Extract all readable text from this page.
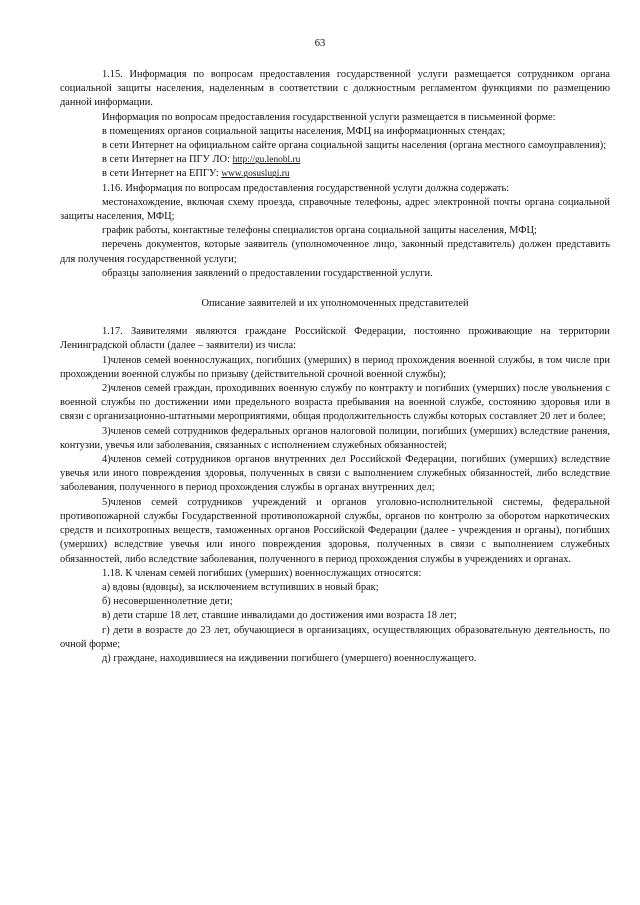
63

1.15. Информация по вопросам предоставления государственной услуги размещается сотрудником органа социальной защиты населения, наделенным в соответствии с должностным регламентом функциями по размещению данной информации.

Информация по вопросам предоставления государственной услуги размещается в письменной форме:

в помещениях органов социальной защиты населения, МФЦ на информационных стендах;

в сети Интернет на официальном сайте органа социальной защиты населения (органа местного самоуправления);

в сети Интернет на ПГУ ЛО: http://gu.lenobl.ru

в сети Интернет на ЕПГУ: www.gosuslugi.ru

1.16. Информация по вопросам предоставления государственной услуги должна содержать:

местонахождение, включая схему проезда, справочные телефоны, адрес электронной почты органа социальной защиты населения, МФЦ;

график работы, контактные телефоны специалистов органа социальной защиты населения, МФЦ;

перечень документов, которые заявитель (уполномоченное лицо, законный представитель) должен представить для получения государственной услуги;

образцы заполнения заявлений о предоставлении государственной услуги.

Описание заявителей и их уполномоченных представителей

1.17. Заявителями являются граждане Российской Федерации, постоянно проживающие на территории Ленинградской области (далее – заявители) из числа:

1)членов семей военнослужащих, погибших (умерших) в период прохождения военной службы, в том числе при прохождении военной службы по призыву (действительной срочной военной службы);

2)членов семей граждан, проходивших военную службу по контракту и погибших (умерших) после увольнения с военной службы по достижении ими предельного возраста пребывания на военной службе, состоянию здоровья или в связи с организационно-штатными мероприятиями, общая продолжительность службы которых составляет 20 лет и более;

3)членов семей сотрудников федеральных органов налоговой полиции, погибших (умерших) вследствие ранения, контузии, увечья или заболевания, связанных с исполнением служебных обязанностей;

4)членов семей сотрудников органов внутренних дел Российской Федерации, погибших (умерших) вследствие увечья или иного повреждения здоровья, полученных в связи с выполнением служебных обязанностей, либо вследствие заболевания, полученного в период прохождения службы в органах внутренних дел;

5)членов семей сотрудников учреждений и органов уголовно-исполнительной системы, федеральной противопожарной службы Государственной противопожарной службы, органов по контролю за оборотом наркотических средств и психотропных веществ, таможенных органов Российской Федерации (далее - учреждения и органы), погибших (умерших) вследствие увечья или иного повреждения здоровья, полученных в связи с выполнением служебных обязанностей, либо вследствие заболевания, полученного в период прохождения службы в учреждениях и органах.

1.18. К членам семей погибших (умерших) военнослужащих относятся:

а) вдовы (вдовцы), за исключением вступивших в новый брак;

б) несовершеннолетние дети;

в) дети старше 18 лет, ставшие инвалидами до достижения ими возраста 18 лет;

г) дети в возрасте до 23 лет, обучающиеся в организациях, осуществляющих образовательную деятельность, по очной форме;

д) граждане, находившиеся на иждивении погибшего (умершего) военнослужащего.
